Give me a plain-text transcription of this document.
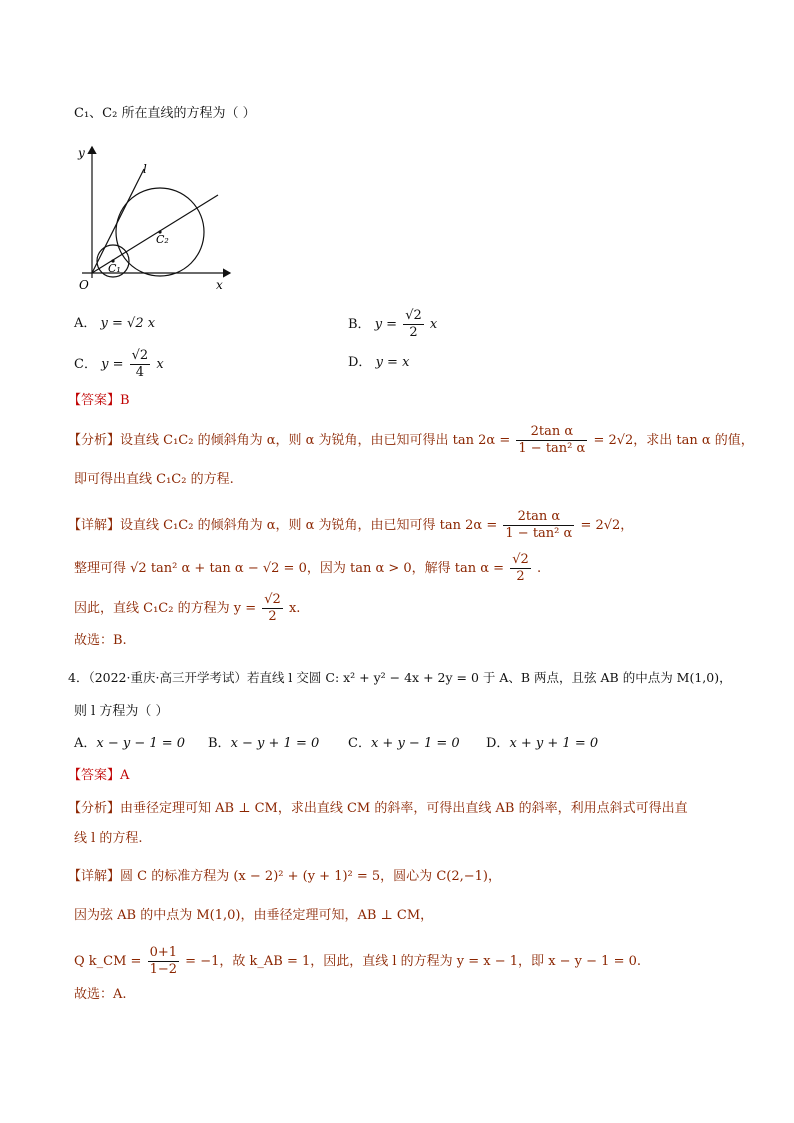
C₁、C₂ 所在直线的方程为（ ）
y
x
O
l
C₁
C₂
A． y = √2 x	B． $y = \frac{√2}{2}$ x
C． $y = \frac{√2}{4}$ x	D． y = x
【答案】B
【分析】设直线 C₁C₂ 的倾斜角为 α，则 α 为锐角，由已知可得出 $\tan 2\alpha = \frac{\text{2tan α}}{\text{1 − tan² α}} = 2√2$，求出 tan α 的值，
即可得出直线 C₁C₂ 的方程.
【详解】设直线 C₁C₂ 的倾斜角为 α，则 α 为锐角，由已知可得 $\tan 2\alpha = \frac{\text{2tan α}}{\text{1 − tan² α}} = 2√2$，
整理可得 √2 tan² α + tan α − √2 = 0，因为 tan α > 0，解得 $\tan \alpha = \frac{√2}{2}$ .
因此，直线 C₁C₂ 的方程为 $y = \frac{√2}{2} x$.
故选：B.
4．（2022·重庆·高三开学考试）若直线 l 交圆 C: x² + y² − 4x + 2y = 0 于 A、B 两点，且弦 AB 的中点为 M(1,0)，
则 l 方程为（ ）
A．x − y − 1 = 0 B．x − y + 1 = 0 C．x + y − 1 = 0 D．x + y + 1 = 0
【答案】A
【分析】由垂径定理可知 AB ⊥ CM，求出直线 CM 的斜率，可得出直线 AB 的斜率，利用点斜式可得出直
线 l 的方程.
【详解】圆 C 的标准方程为 (x − 2)² + (y + 1)² = 5，圆心为 C(2,−1)，
因为弦 AB 的中点为 M(1,0)，由垂径定理可知，AB ⊥ CM，
Q k_CM = $\frac{0+1}{1-2} = -1$，故 k_AB = 1，因此，直线 l 的方程为 y = x − 1，即 x − y − 1 = 0.
故选：A.
